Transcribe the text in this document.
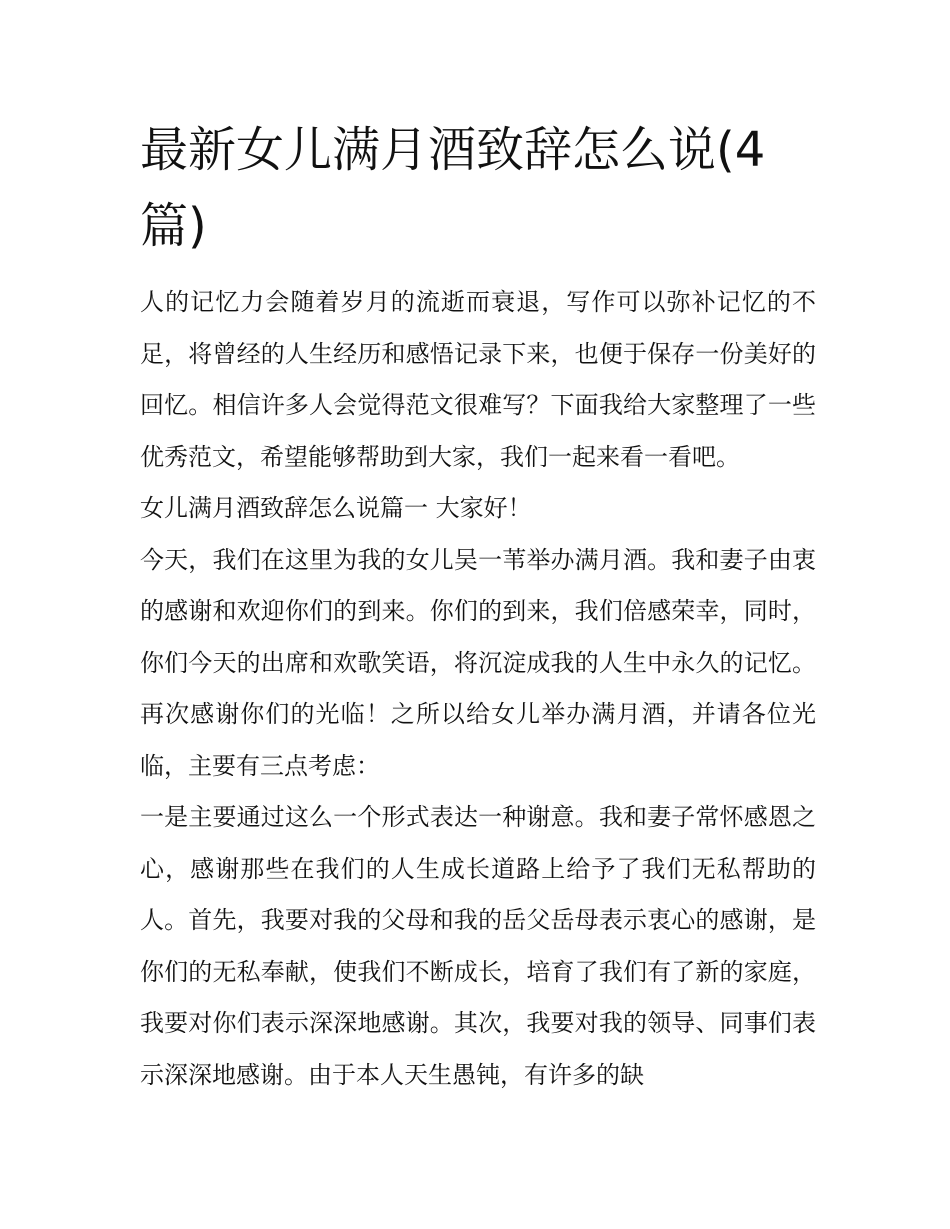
最新女儿满月酒致辞怎么说(4篇)

人的记忆力会随着岁月的流逝而衰退，写作可以弥补记忆的不足，将曾经的人生经历和感悟记录下来，也便于保存一份美好的回忆。相信许多人会觉得范文很难写？下面我给大家整理了一些优秀范文，希望能够帮助到大家，我们一起来看一看吧。

女儿满月酒致辞怎么说篇一 大家好！

今天，我们在这里为我的女儿吴一苇举办满月酒。我和妻子由衷的感谢和欢迎你们的到来。你们的到来，我们倍感荣幸，同时，你们今天的出席和欢歌笑语，将沉淀成我的人生中永久的记忆。再次感谢你们的光临！之所以给女儿举办满月酒，并请各位光临，主要有三点考虑：

一是主要通过这么一个形式表达一种谢意。我和妻子常怀感恩之心，感谢那些在我们的人生成长道路上给予了我们无私帮助的人。首先，我要对我的父母和我的岳父岳母表示衷心的感谢，是你们的无私奉献，使我们不断成长，培育了我们有了新的家庭，我要对你们表示深深地感谢。其次，我要对我的领导、同事们表示深深地感谢。由于本人天生愚钝，有许多的缺
